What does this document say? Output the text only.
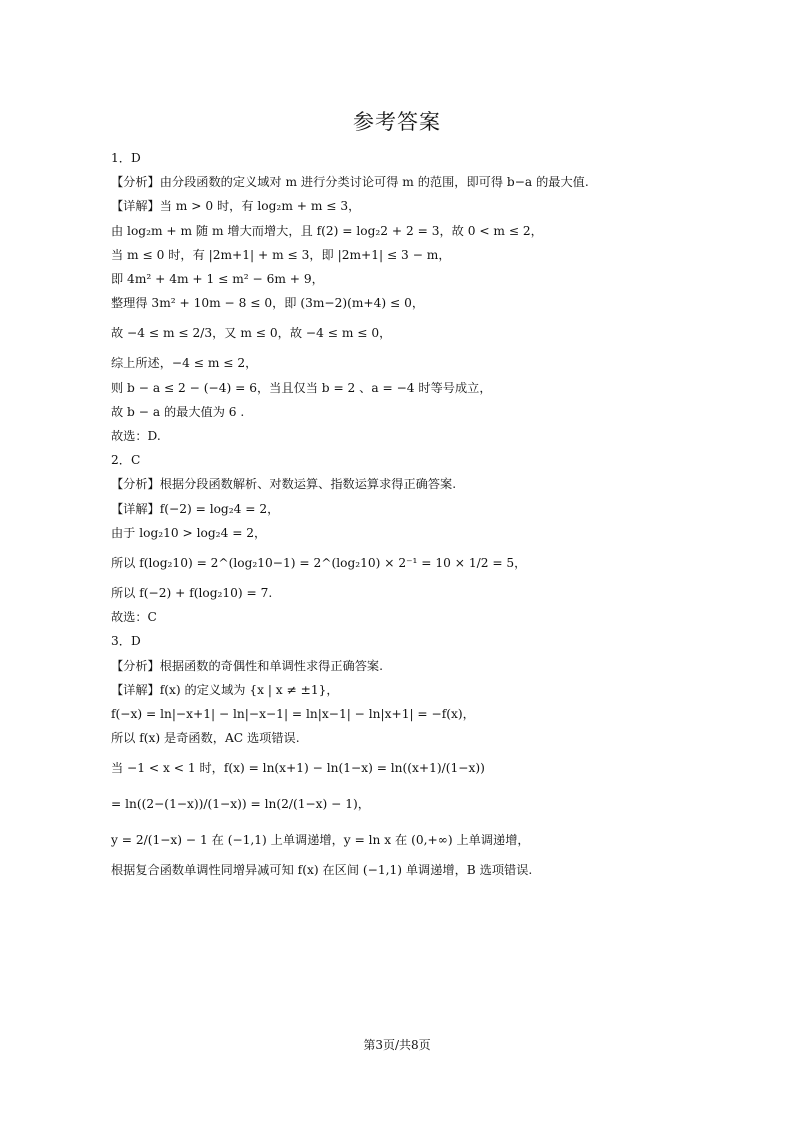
参考答案
1．D
【分析】由分段函数的定义域对 m 进行分类讨论可得 m 的范围，即可得 b−a 的最大值.
【详解】当 m > 0 时，有 log₂m + m ≤ 3，
由 log₂m + m 随 m 增大而增大，且 f(2) = log₂2 + 2 = 3，故 0 < m ≤ 2，
当 m ≤ 0 时，有 |2m+1| + m ≤ 3，即 |2m+1| ≤ 3 − m，
即 4m² + 4m + 1 ≤ m² − 6m + 9，
整理得 3m² + 10m − 8 ≤ 0，即 (3m−2)(m+4) ≤ 0，
故 −4 ≤ m ≤ 2/3，又 m ≤ 0，故 −4 ≤ m ≤ 0，
综上所述，−4 ≤ m ≤ 2，
则 b − a ≤ 2 − (−4) = 6，当且仅当 b = 2 、a = −4 时等号成立，
故 b − a 的最大值为 6 .
故选：D.
2．C
【分析】根据分段函数解析、对数运算、指数运算求得正确答案.
【详解】f(−2) = log₂4 = 2，
由于 log₂10 > log₂4 = 2，
所以 f(log₂10) = 2^(log₂10−1) = 2^(log₂10) × 2⁻¹ = 10 × 1/2 = 5，
所以 f(−2) + f(log₂10) = 7.
故选：C
3．D
【分析】根据函数的奇偶性和单调性求得正确答案.
【详解】f(x) 的定义域为 {x | x ≠ ±1}，
f(−x) = ln|−x+1| − ln|−x−1| = ln|x−1| − ln|x+1| = −f(x)，
所以 f(x) 是奇函数，AC 选项错误.
当 −1 < x < 1 时，f(x) = ln(x+1) − ln(1−x) = ln((x+1)/(1−x))
= ln((2−(1−x))/(1−x)) = ln(2/(1−x) − 1)，
y = 2/(1−x) − 1 在 (−1,1) 上单调递增，y = ln x 在 (0,+∞) 上单调递增，
根据复合函数单调性同增异减可知 f(x) 在区间 (−1,1) 单调递增，B 选项错误.
第3页/共8页
